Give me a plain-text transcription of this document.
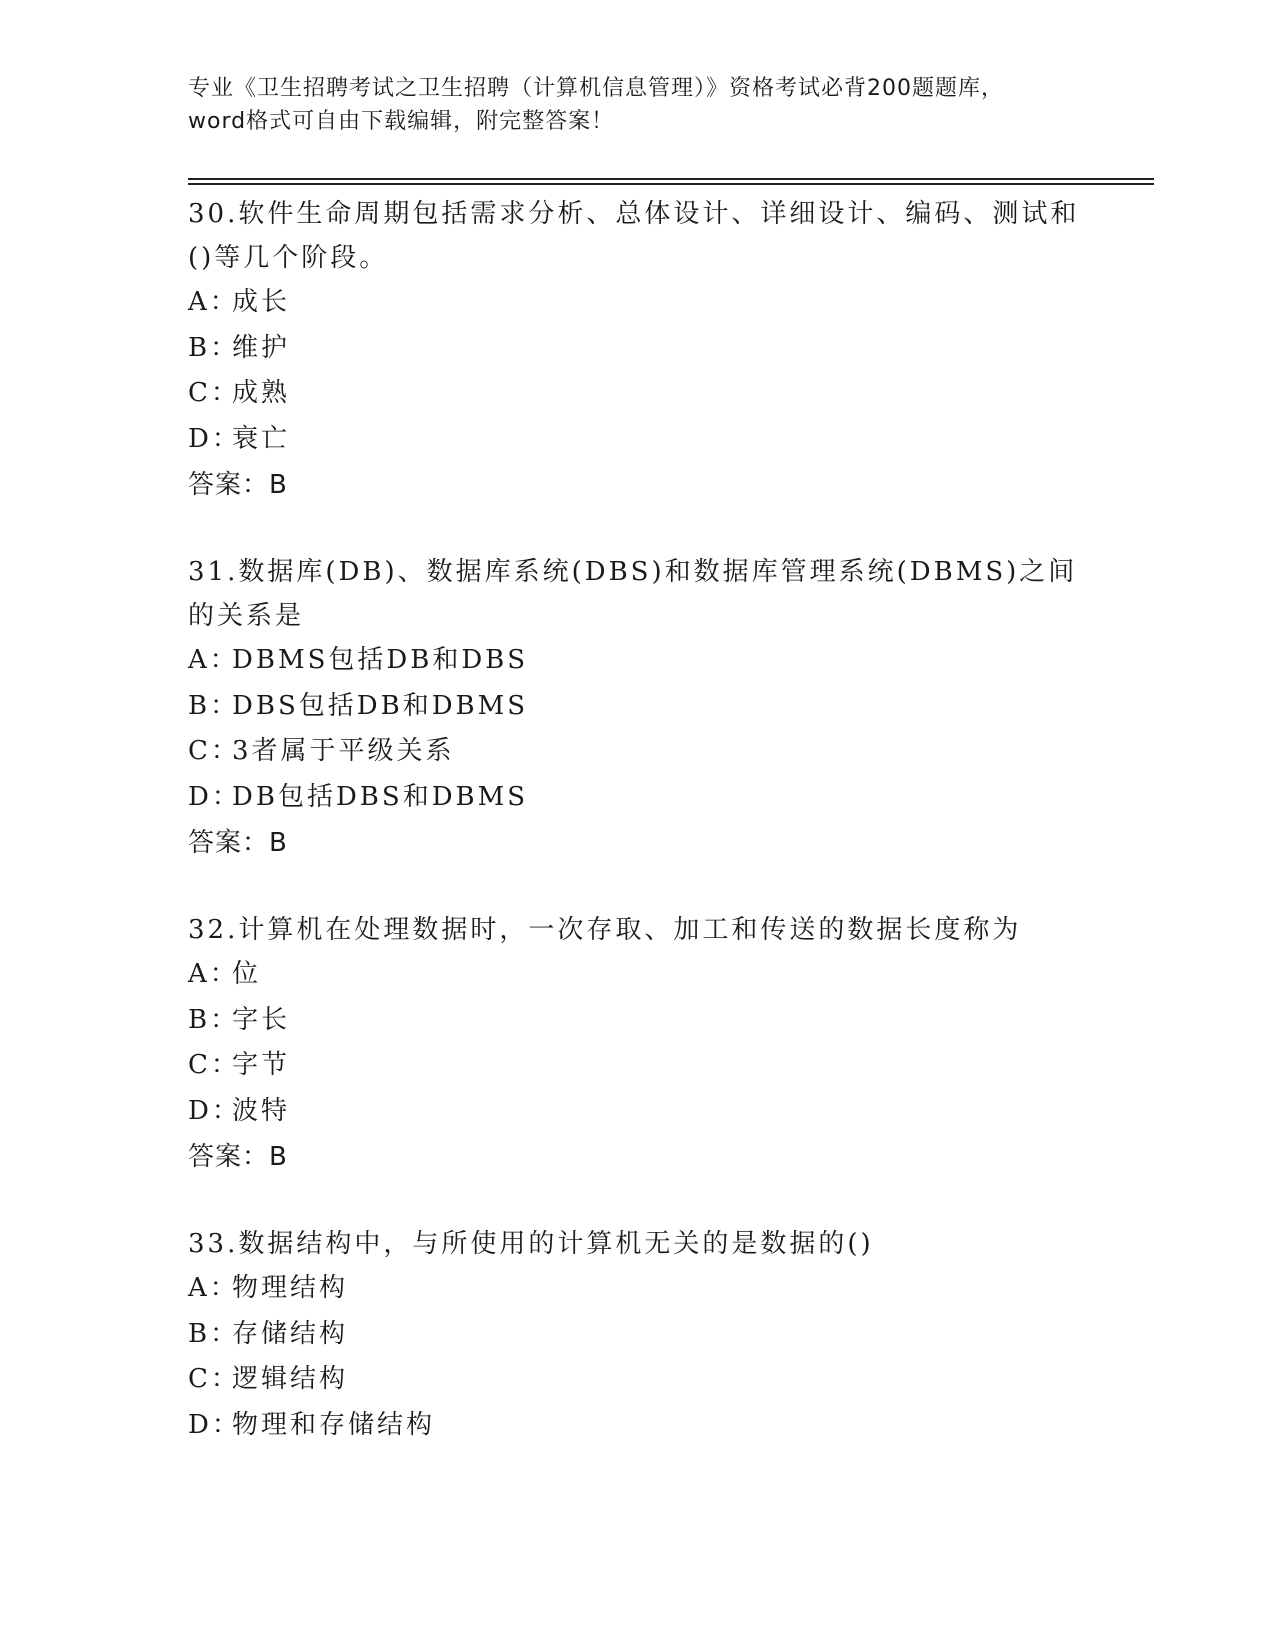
专业《卫生招聘考试之卫生招聘（计算机信息管理）》资格考试必背200题题库，
word格式可自由下载编辑，附完整答案！
30.软件生命周期包括需求分析、总体设计、详细设计、编码、测试和()等几个阶段。
A：成长
B：维护
C：成熟
D：衰亡
答案：B
31.数据库(DB)、数据库系统(DBS)和数据库管理系统(DBMS)之间的关系是
A：DBMS包括DB和DBS
B：DBS包括DB和DBMS
C：3者属于平级关系
D：DB包括DBS和DBMS
答案：B
32.计算机在处理数据时，一次存取、加工和传送的数据长度称为
A：位
B：字长
C：字节
D：波特
答案：B
33.数据结构中，与所使用的计算机无关的是数据的()
A：物理结构
B：存储结构
C：逻辑结构
D：物理和存储结构
